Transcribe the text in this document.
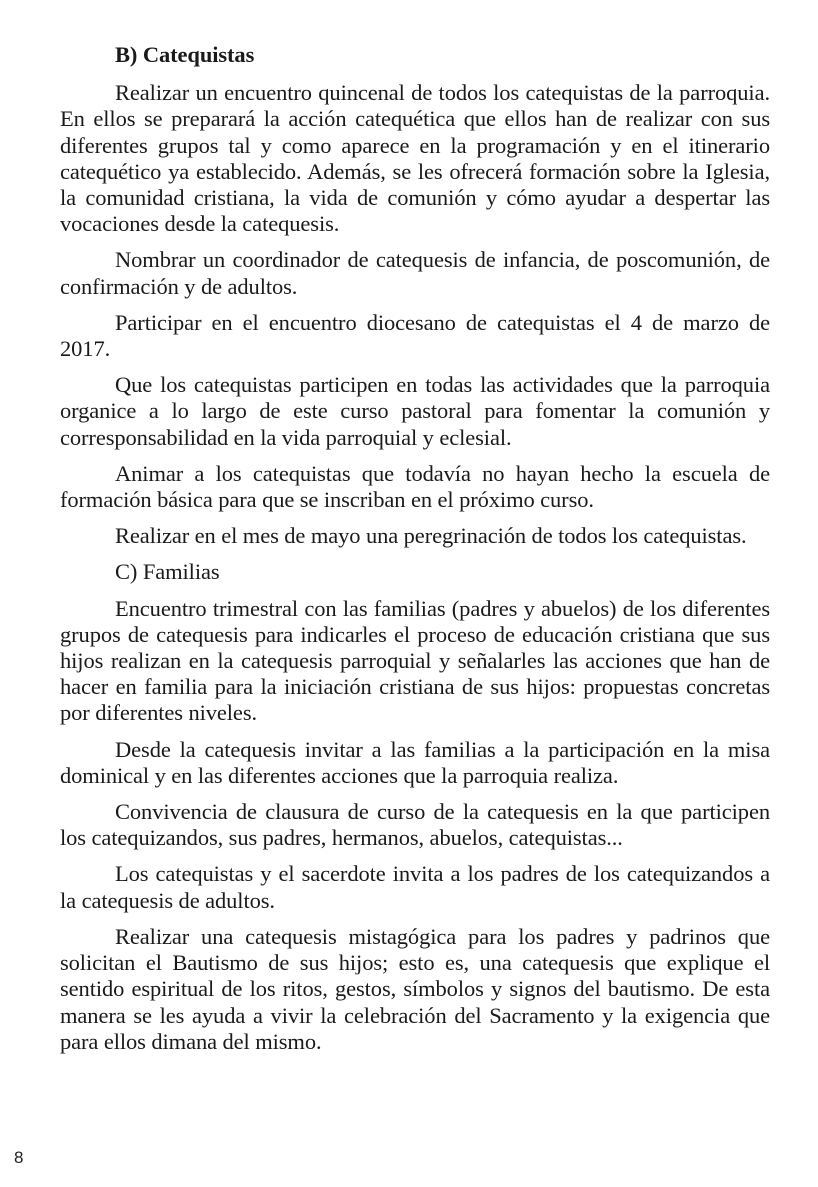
B) Catequistas

Realizar un encuentro quincenal de todos los catequistas de la parroquia. En ellos se preparará la acción catequética que ellos han de realizar con sus diferentes grupos tal y como aparece en la programación y en el itinerario catequético ya establecido. Además, se les ofrecerá formación sobre la Iglesia, la comunidad cristiana, la vida de comunión y cómo ayudar a despertar las vocaciones desde la catequesis.

Nombrar un coordinador de catequesis de infancia, de poscomunión, de confirmación y de adultos.

Participar en el encuentro diocesano de catequistas el 4 de marzo de 2017.

Que los catequistas participen en todas las actividades que la parroquia organice a lo largo de este curso pastoral para fomentar la comunión y corresponsabilidad en la vida parroquial y eclesial.

Animar a los catequistas que todavía no hayan hecho la escuela de formación básica para que se inscriban en el próximo curso.

Realizar en el mes de mayo una peregrinación de todos los catequistas.

C) Familias

Encuentro trimestral con las familias (padres y abuelos) de los diferentes grupos de catequesis para indicarles el proceso de educación cristiana que sus hijos realizan en la catequesis parroquial y señalarles las acciones que han de hacer en familia para la iniciación cristiana de sus hijos: propuestas concretas por diferentes niveles.

Desde la catequesis invitar a las familias a la participación en la misa dominical y en las diferentes acciones que la parroquia realiza.

Convivencia de clausura de curso de la catequesis en la que participen los catequizandos, sus padres, hermanos, abuelos, catequistas...

Los catequistas y el sacerdote invita a los padres de los catequizandos a la catequesis de adultos.

Realizar una catequesis mistagógica para los padres y padrinos que solicitan el Bautismo de sus hijos; esto es, una catequesis que explique el sentido espiritual de los ritos, gestos, símbolos y signos del bautismo. De esta manera se les ayuda a vivir la celebración del Sacramento y la exigencia que para ellos dimana del mismo.

8
